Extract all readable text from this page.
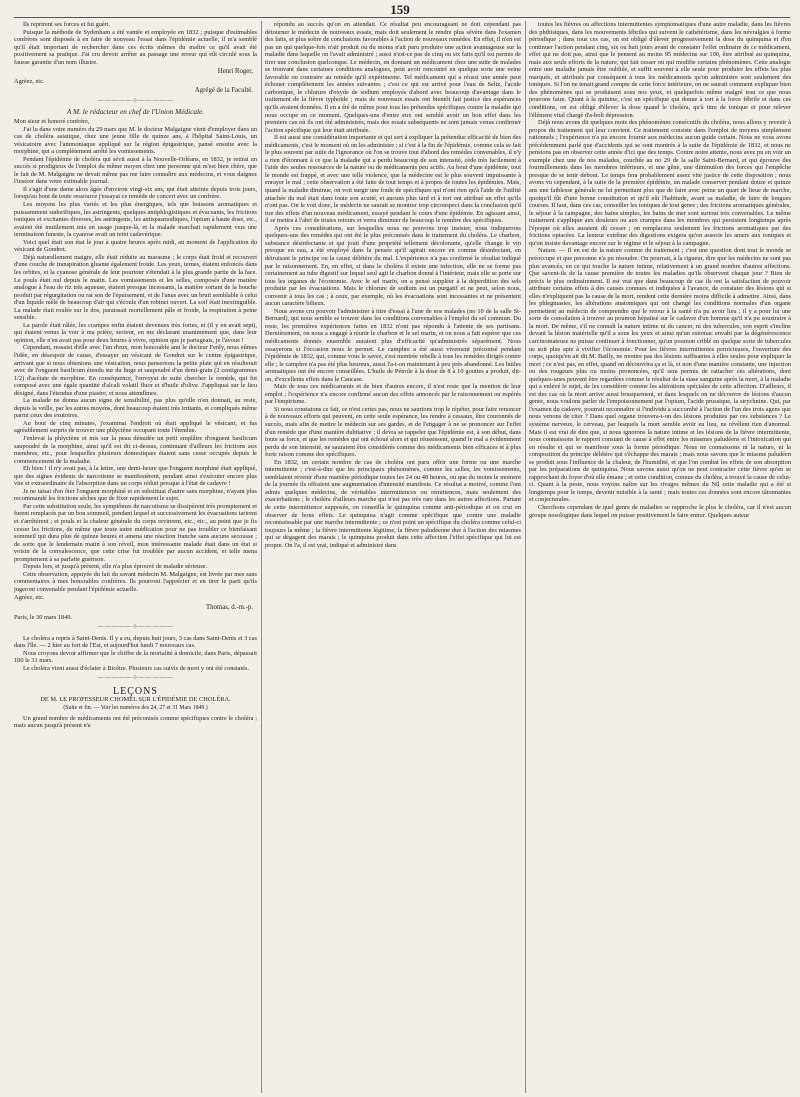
159

Ils reprirent ses forces et fut guéri.

Puisque la méthode de Sydenham a été vantée et employée en 1832 ; puisque d'estimables confrères sont disposés à en faire de nouveau l'essai dans l'épidémie actuelle, il m'a semblé qu'il était important de rechercher dans ces écrits mêmes du maître ce qu'il avait été positivement sa pratique. J'ai cru devoir arrêter au passage une erreur qui eût circulé sous la fausse garantie d'un nom illustre.

Henri Roger,

Agréez, etc.

Agrégé de la Faculté.

—————⊹—————

A M. le rédacteur en chef de l'Union Médicale.

Mon sieur et honoré confrère,

J'ai lu dans votre numéro du 29 mars que M. le docteur Malgaigne vient d'employer dans un cas de choléra asiatique, chez une jeune fille de quinze ans, à l'hôpital Saint-Louis, un vésicatoire avec l'ammoniaque appliqué sur la région épigastrique, pansé ensuite avec la morphine, qui a complètement arrêté les vomissements.

Pendant l'épidémie de choléra qui sévit aussi à la Nouvelle-Orléans, en 1832, je retirai un succès si prodigieux de l'emploi du même moyen chez une personne qui m'est bien chère, que le fait de M. Malgaigne ne devait même pas me faire connaître aux médecins, et vous daignez l'insérer dans votre estimable journal.

Il s'agit d'une dame alors âgée d'environ vingt-six ans, qui était atteinte depuis trois jours, lorsqu'au bout de toute ressource j'essayai ce remède de concert avec un confrère.

Les moyens les plus variés et les plus énergiques, tels que boissons aromatiques et puissamment sudorifiques, les astringents, quelques antiphlogistiques et évacuants, les frictions toniques et excitantes diverses, les astringents, les antispasmodiques, l'opium à haute dose, etc., avaient été inutilement mis en usage jusque-là, et la malade marchait rapidement vers une terminaison funeste, la cyanose avait un teint cadavérique.

Voici quel était son état le jour à quatre heures après midi, au moment de l'application du vésicant de Gondret.

Déjà naturellement maigre, elle était réduite au marasme ; le corps était froid et recouvert d'une couche de transpiration gluante également froide. Les yeux, ternes, étaient enfoncés dans les orbites, et la cyanose générale de leur pourtour s'étendait à la plus grande partie de la face. Le pouls était nul depuis le matin. Les vomissements et les selles, composés d'une matière analogue à l'eau de riz très aqueuse, étaient presque incessants, la matière sortant de la bouche produit par régurgitation ou rai son de l'épuisement, et de l'anus avec un bruit semblable à celui d'un liquide mêlé de beaucoup d'air qui s'écoule d'un robinet ouvert. La soif était inextinguible. La malade était roulée sur le dos, paraissait mortellement pâle et froide, la respiration à peine sensible.

La parole était râlée, les crampes enfin étaient devenues très fortes, et (il y en avait sept), qui étaient venus la voir à ma prière, secteur, en me déclarant unanimement que, dans leur opinion, elle n'en avait pas pour deux heures à vivre, opinion que je partageais, je l'avoue !

Cependant, ressaisi d'elle avec l'un d'eux, mon honorable ami le docteur Fenly, nous eûmes l'idée, en désespoir de cause, d'essayer un vésicant de Gondret sur le centre épigastrique, arrivant que si nous obtenions une vésication, nous panserions la petite plaie qui en résulterait avec de l'onguent basilicum étendu sur du linge et saupoudré d'un demi-grain (2 centigrammes 1/2) d'acétate de morphine. En conséquence, l'envoyai de suite chercher le remède, qui fut composé avec une égale quantité d'alcali volatil fluor et d'huile d'olive. J'appliquai sur le lieu désigné, dans l'étendue d'une piastre, et nous attendîmes.

La malade ne donna aucun signe de sensibilité, pas plus qu'elle n'en donnait, au reste, depuis la veille, par les autres moyens, dont beaucoup étaient très irritants, et compliqués même parmi ceux des exutoires.

Au bout de cinq minutes, j'examinai l'endroit où était appliqué le vésicant, et fus agréablement surpris de trouver une phlyctène occupant toute l'étendue.

J'enlevai la phlyctène et mis sur la peau dénudée un petit emplâtre d'onguent basilicum saupoudré de la morphine, ainsi qu'il est dit ci-dessus, continuant d'ailleurs les frictions aux membres, etc., pour lesquelles plusieurs domestiques étaient sans cesse occupés depuis le commencement de la maladie.

Eh bien ! il n'y avait pas, à la lettre, une demi-heure que l'onguent morphiné était appliqué, que des signes évidents de narcotisme se manifestèrent, pendant ainsi s'exécuter encore plus vite et extraordinaire de l'absorption dans un corps réduit presque à l'état de cadavre !

Je ne taisai d'en ôter l'onguent morphiné et en substituai d'autre sans morphine, n'ayant plus recommandé les frictions sèches que de fixer rapidement le sujet.

Par cette substitution seule, les symptômes de narcotisme se dissipèrent très promptement et furent remplacés par un bon sommeil, pendant lequel et successivement les évacuations tarirent et s'arrêtèrent ; et pouls et la chaleur générale du corps revinrent, etc., etc., au point que je fis cesser les frictions, de même que toute autre médication pour ne pas troubler ce bienfaisant sommeil qui dura plus de quinze heures et amena une réaction franche sans aucune secousse ; de sorte que le lendemain matin à son réveil, mon intéressante malade était dans un état si voisin de la convalescence, que cette crise fut troublée par aucun accident, et telle mena promptement à sa parfaite guérison.

Depuis lors, et jusqu'à présent, elle n'a plus éprouvé de maladie sérieuse.

Cette observation, appuyée du fait du savant médecin M. Malgaigne, est livrée par mes sans commentaires à mes honorables confrères. Ils pourront l'apprécier et en tirer le parti qu'ils jugeront convenable pendant l'épidémie actuelle.

Agréez, etc.

Thomas, d.-m.-p.

Paris, le 30 mars 1849.

—————⊹—————

Le choléra a repris à Saint-Denis. Il y a eu, depuis huit jours, 3 cas dans Saint-Denis et 3 cas dans l'île. — 2 hier au fort de l'Est, et aujourd'hui lundi 7 nouveaux cas.

Nous croyons devoir affirmer que le chiffre de la mortalité à domicile, dans Paris, dépassait 100 le 31 mars.

Le choléra vient aussi d'éclater à Bicêtre. Plusieurs cas suivis de mort y ont été constatés.

—————⊹—————

LEÇONS

DE M. LE PROFESSEUR CHOMEL SUR L'ÉPIDÉMIE DE CHOLÉRA.

(Suite et fin. — Voir les numéros des 24, 27 et 31 Mars 1849.)

Un grand nombre de médicaments ont été préconisés comme spécifiques contre le choléra ; mais aucun jusqu'à présent n'a

répondu au succès qu'on en attendait. Ce résultat peu encourageant ne doit cependant pas détourner le médecin de nouveaux essais, mais doit seulement le rendre plus sévère dans l'examen des faits, et plus sobre de conclusions favorables à l'action de nouveaux remèdes. En effet, il n'en est pas un qui quelque-fois n'ait produit ou du moins n'ait paru produire une action avantageuse sur la maladie dans laquelle on l'avait administré ; aussi n'est-ce pas de cinq ou six faits qu'il est permis de tirer une conclusion quelconque. Le médecin, en donnant un médicament chez une suite de malades se trouvant dans certaines conditions analogues, peut avoir rencontré en quelque sorte une veine favorable ou contraire au remède qu'il expérimente. Tel médicament qui a réussi une année peut échouer complètement les années suivantes ; c'est ce qui est arrivé pour l'eau de Seltz, l'acide carbonique, le chlorure d'oxyde de sodium employés d'abord avec beaucoup d'avantage dans le traitement de la fièvre typhoïde ; mais de nouveaux essais ont bientôt fait justice des espérances qu'ils avaient données. Il en a été de même pour tous les prétendus spécifiques contre la maladie qui nous occupe en ce moment. Quelques-uns d'entre eux ont semblé avoir un bon effet dans les premiers cas où ils ont été administrés, mais des essais subséquents ne sont jamais venus confirmer l'action spécifique qui leur était attribuée.

Il est aussi une considération importante et qui sert à expliquer la prétendue efficacité de bien des médicaments, c'est le moment où on les administre ; si c'est à la fin de l'épidémie, comme cela se fait le plus souvent par suite de l'ignorance où l'on se trouve tout d'abord des remèdes convenables, il n'y a rien d'étonnant à ce que la maladie qui a perdu beaucoup de son intensité, cède très facilement à l'aide des seules ressources de la nature ou de médicaments peu actifs. Au bout d'une épidémie, tout le monde est frappé, et avec une telle violence, que la médecine est le plus souvent impuissante à enrayer le mal ; cette observation a été faite de tout temps et à propos de toutes les épidémies. Mais, quand la maladie diminue, on voit surgir une foule de spécifiques qui n'ont rien qu'à l'aide de l'utilité attachée du mal était dans toute son acuité, et aucuns plus tard et à tort ont attribué un effet qu'ils n'ont pas. On le voit donc, le médecin ne saurait se montrer trop circonspect dans la conclusion qu'il tire des effets d'un nouveau médicament, essayé pendant le cours d'une épidémie. En agissant ainsi, il se mettra à l'abri de tristes retours et verra diminuer de beaucoup le nombre des spécifiques.

Après ces considérations, sur lesquelles nous ne pouvons trop insister, nous indiquerons quelques-uns des remèdes qui ont été le plus préconisés dans le traitement du choléra. Le charbon, substance désinfectante et qui jouit d'une propriété tellement décolorante, qu'elle change le vin presque en eau, a été employé dans la pensée qu'il agirait encore en comme désinfectant, en détruisant le principe ou la cause délétère du mal. L'expérience n'a pas confirmé le résultat indiqué par le raisonnement. En, en effet, si dans le choléra il existe une infection, elle ne se forme pas certainement au tube digestif sur lequel seul agit le charbon donné à l'intérieur, mais elle se porte sur tous les organes de l'économie. Avec le sel marin, on a pensé suppléer à la déperdition des sels produite par les évacuations. Mais le chlorure de sodium est un purgatif et ne peut, selon nous, convenir à tous les cas ; à ceux, par exemple, où les évacuations sont incessantes et ne présentent aucun caractère bilieux.

Nous avons cru pouvoir l'administrer à titre d'essai à l'une de nos malades (no 10 de la salle St-Bernard), qui nous semble se trouver dans les conditions convenables à l'emploi du sel commun. Du reste, les premières expériences faites en 1832 n'ont pas répondu à l'attente de ses partisans. Dernièrement, on nous a engagé à réunir le charbon et le sel marin, et on nous a fait espérer que ces médicaments donnés ensemble auraient plus d'efficacité qu'administrés séparément. Nous essayerons si l'occasion nous le permet. Le camphre a été aussi vivement préconisé pendant l'épidémie de 1832, qui, comme vous le savez, s'est montrée rebelle à tous les remèdes dirigés contre elle ; le camphre n'a pas été plus heureux, aussi l'a-t-on maintenant à peu près abandonné. Les huiles aromatiques ont été encore conseillées. L'huile de Pétrole à la dose de 8 à 10 gouttes a produit, dit-on, d'excellents effets dans le Caucase.

Mais de tous ces médicaments et de bien d'autres encore, il n'est reste que la mention de leur emploi ; l'expérience n'a encore confirmé aucun des effets annoncés par le raisonnement ou espérés par l'empirisme.

Si nous constatons ce fait, ce n'est certes pas, nous ne saurions trop le répéter, pour faire renoncer à de nouveaux efforts qui peuvent, en cette seule espérance, les rendre à cessaux, être couronnés de succès, mais afin de mettre le médecin sur ses gardes, et de l'engager à ne se prononcer sur l'effet d'un remède que d'une manière dubitative ; il devra se rappeler que l'épidémie est, à son début, dans toute sa force, et que les remèdes qui ont échoué alors et qui réussissent, quand le mal a évidemment perdu de son intensité, ne sauraient être considérés comme des médicaments bien efficaces et à plus forte raison comme des spécifiques.

En 1832, un certain nombre de cas de choléra ont paru offrir une forme ou une marche intermittente ; c'est-à-dire que les principaux phénomènes, comme les selles, les vomissements, semblaient revenir d'une manière périodique toutes les 24 ou 48 heures, ou que du moins le moment de la journée ils offraient une augmentation d'intensité manifeste. Ce résultat a motivé, comme l'ont admis quelques médecins, de véritables intermittences ou rémittences, mais seulement des exacerbations ; le choléra d'ailleurs marche qui n'est pas très rare dans les autres affections. Partant de cette intermittence supposée, on conseilla le quinquina comme anti-périodique et on crut en observer de bons effets. Le quinquina n'agit comme spécifique que contre une maladie reconnaissable par une marche intermittente ; ce n'est point un spécifique du choléra comme celui-ci toujours la même ; la fièvre intermittente légitime, la fièvre paludéenne due à l'action des miasmes qui se dégagent des marais ; le quinquina produit dans cette affection l'effet spécifique qui lui est propre. On l'a, il est vrai, indiqué et administré dans

toutes les fièvres ou affections intermittentes symptomatiques d'une autre maladie, dans les fièvres des phthisiques, dans les mouvements fébriles qui suivent le cathétérisme, dans les névralgies à forme périodique ; dans tous ces cas, on est obligé d'élever progressivement la dose du quinquina et d'en continuer l'action pendant cinq, six ou huit jours avant de constater l'effet ordinaire de ce médicament, effet qui ne doit pas, ainsi que le pensent au moins 95 médecins sur 100, être attribué au quinquina, mais aux seuls efforts de la nature, qui fait cesser ou qui modifie certains phénomènes. Cette analogie entre une maladie jamais être oubliée, et suffit souvent à elle seule pour produire les effets les plus marqués, et attribués par conséquent à tous les médicaments qu'on administre sont seulement des toniques. Si l'on ne tenait grand compte de cette force intérieure, on ne saurait comment expliquer bien des phénomènes qui se produisent sous nos yeux, et quelquefois même malgré tout ce que nous pouvons faire. Quant à la quinine, c'est un spécifique qui donne à tort à la force fébrile et dans ces conditions, on est obligé d'élever la dose quand le choléra, qu'à titre de tonique et pour relever l'élément vital chargé d'a-boli dépression.

Déjà nous avons dit quelques mots des phénomènes consécutifs du choléra, nous allons y revenir à propos du traitement qui leur convient. Ce traitement consiste dans l'emploi de moyens simplement rationnels ; l'expérience n'a pu encore fournir aux médecins aucun guide certain. Nous ne vous avons précédemment parlé que d'accidents qui se sont montrés à la suite de l'épidémie de 1832, et nous ne pensions pas en observer cette année d'ici que des temps. Contre notre attente, nous avez pu en voir un exemple chez une de nos malades, couchée au no 29 de la salle Saint-Bernard, et qui éprouve des fourmillements dans les membres inférieurs, et une gêne, une diminution des forces qui l'empêche presque de se tenir debout. Le temps fera probablement assez vite justice de cette disposition ; nous avons vu cependant, à la suite de la première épidémie, un malade conserver pendant douze et quinze ans une faiblesse générale ne lui permettant plus que de faire avec peine un quart de lieue de marche, quoiqu'il fût d'une bonne constitution et qu'il eût l'habitude, avant sa maladie, de faire de longues courses. Il faut, dans ces cas, conseiller les toniques de tout genre ; des frictions aromatiques générales, le séjour à la campagne, des bains simples, les bains de mer sont surtout très convenables. Le même traitement s'applique aux douleurs ou aux crampes dans les membres qui persistent longtemps après l'époque où elles auraient dû cesser ; on remplacera seulement les frictions aromatiques par des frictions opiacées. La lenteur extrême des digestions exigera qu'on associe les amers aux toniques et qu'on insiste davantage encore sur le régime et le séjour à la campagne.

Nature. — Il en est de la nature comme du traitement ; c'est une question dont tout le monde se préoccupe et que personne n'a pu résoudre. On pourrait, à la rigueur, dire que les médecins ne sont pas plus avancés, en ce qui touche la nature intime, relativement à un grand nombre d'autres affections. Que savent-ils de la cause première de toutes les maladies qu'ils observent chaque jour ? Bien de précis le plus ordinairement. Il est vrai que dans beaucoup de cas ils ont la satisfaction de pouvoir attribuer certains effets à des causes connues et indiquées à l'avance, de constater des lésions qui si elles n'expliquent pas la cause de la mort, rendent cette dernière moins difficile à admettre. Ainsi, dans les phlegmasies, les altérations anatomiques qui ont changé les conditions normales d'un organe permettent au médecin de comprendre que le retour à la santé n'a pu avoir lieu ; il y a pour lui une sorte de consolation à trouver au poumon hépatisé sur le cadavre d'un homme qu'il n'a pu soustraire à la mort. De même, s'il ne connaît la nature intime ni du cancer, ni des tubercules, son esprit s'incline devant la lésion matérielle qu'il a sous les yeux et ainsi qu'un estomac envahi par la dégénérescence carcinomateuse ne puisse continuer à fonctionner, qu'un poumon criblé en quelque sorte de tubercules ne soit plus apte à vivifier l'économie. Pour les fièvres intermittentes pernicieuses, l'ouverture des corps, quoiqu'en ait dit M. Bailly, ne montre pas des lésions suffisantes à elles seules pour expliquer la mort ; ce n'est pas, en effet, quand on découvrira ça et là, et non d'une manière constante, une injection ou des rougeurs plus ou moins prononcées, qu'il sera permis de rattacher ces altérations, dont quelques-unes peuvent être regardées comme le résultat de la stase sanguine après la mort, à la maladie qui a enlevé le sujet, de les considérer comme les altérations spéciales de cette affection. D'ailleurs, il est des cas où la mort arrive aussi brusquement, et dans lesquels on ne découvre de lésions d'aucun genre, nous voulons parler de l'empoisonnement par l'opium, l'acide prussique, la strychnine. Qui, par l'examen du cadavre, pourrait reconnaître si l'individu a succombé à l'action de l'un des trois agens que nous venons de citer ? Dans quel organe trouvera-t-on des lésions produites par ces substances ? Le système nerveux, le cerveau, par lesquels la mort semble avoir eu lieu, ne révèlent rien d'anormal. Mais il est vrai de dire que, si nous ignorons la nature intime et les lésions de la fièvre intermittente, nous connaissons le rapport constant de cause à effet entre les miasmes paludéens et l'intoxication qui en résulte et qui se manifeste sous la forme périodique. Nous ne connaissons ni la nature, ni la composition du principe délétère qui s'échappe des marais ; mais nous savons que le miasme paludéen se produit sous l'influence de la chaleur, de l'humidité, et que l'on combat les effets de son absorption par les préparations de quinquina. Nous savons aussi qu'on ne peut contracter cette fièvre qu'en se rapprochant du foyer d'où elle émane ; et cette condition, connue du choléra, a trouvé la cause de celui-ci. Quant à la peste, nous voyons naître sur les rivages mêmes du Nil cette maladie qui a été si longtemps pour le temps, devenir nuisible à la santé ; mais toutes ces données sont encore tâtonnantes et conjecturales.

Cherchons cependant de quel genre de maladies se rapproche le plus le choléra, car il n'est aucun groupe nosologique dans lequel on puisse positivement le faire entrer. Quelques auteur
